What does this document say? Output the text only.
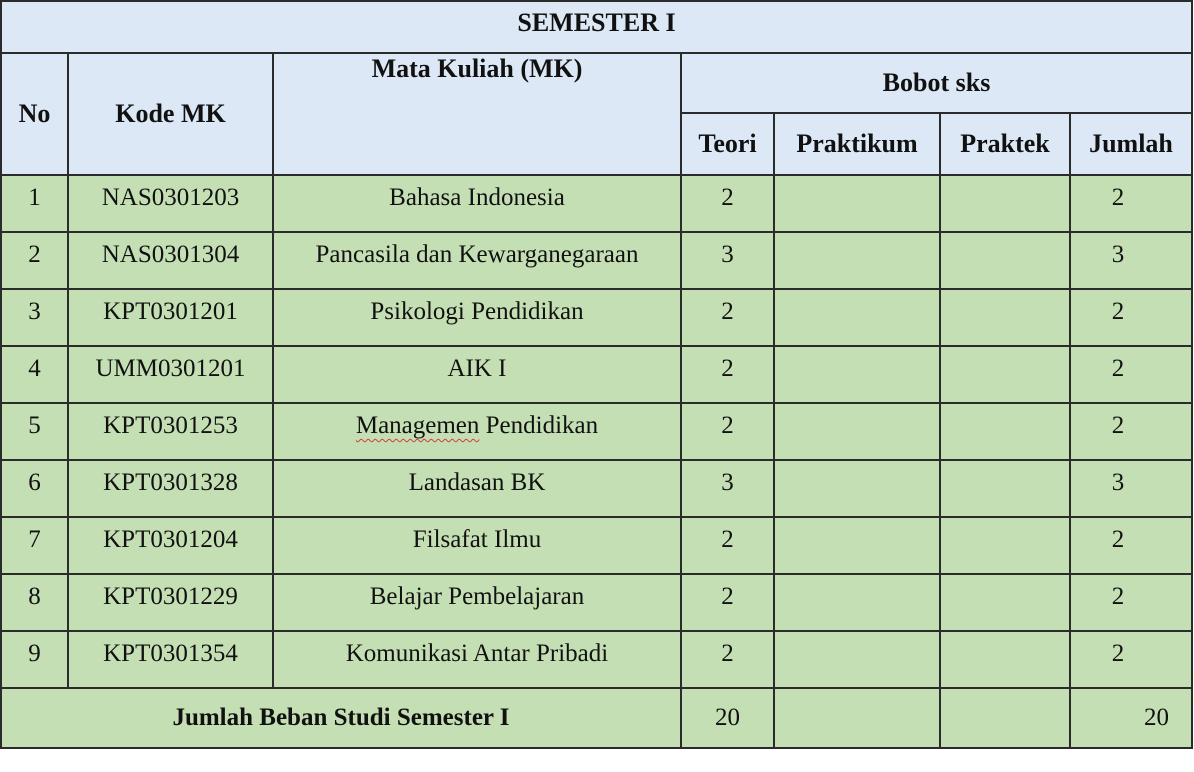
SEMESTER I						
No	Kode MK	Mata Kuliah (MK)	Bobot sks			
			Teori	Praktikum	Praktek	Jumlah
1	NAS0301203	Bahasa Indonesia	2			2
2	NAS0301304	Pancasila dan Kewarganegaraan	3			3
3	KPT0301201	Psikologi Pendidikan	2			2
4	UMM0301201	AIK I	2			2
5	KPT0301253	Managemen Pendidikan	2			2
6	KPT0301328	Landasan BK	3			3
7	KPT0301204	Filsafat Ilmu	2			2
8	KPT0301229	Belajar Pembelajaran	2			2
9	KPT0301354	Komunikasi Antar Pribadi	2			2
Jumlah Beban Studi Semester I			20			20
